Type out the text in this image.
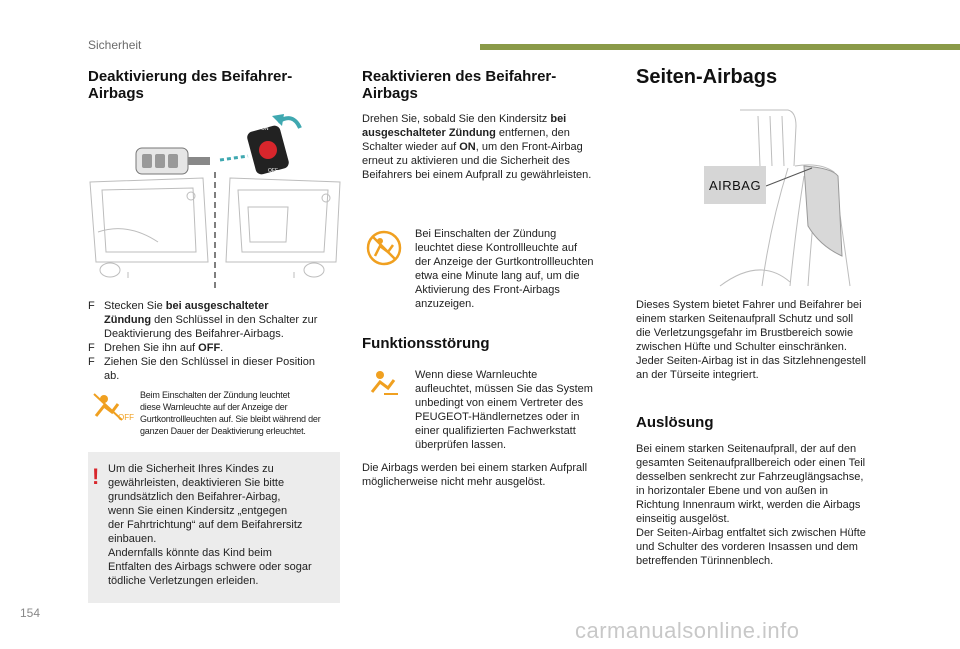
Sicherheit
Deaktivierung des Beifahrer-
Airbags
ON
OFF
F Stecken Sie bei ausgeschalteter
Zündung den Schlüssel in den Schalter zur
Deaktivierung des Beifahrer-Airbags.
F Drehen Sie ihn auf OFF.
F Ziehen Sie den Schlüssel in dieser Position
ab.
OFF
Beim Einschalten der Zündung leuchtet
diese Warnleuchte auf der Anzeige der
Gurtkontrollleuchten auf. Sie bleibt während der
ganzen Dauer der Deaktivierung erleuchtet.
! Um die Sicherheit Ihres Kindes zu
gewährleisten, deaktivieren Sie bitte
grundsätzlich den Beifahrer-Airbag,
wenn Sie einen Kindersitz „entgegen
der Fahrtrichtung“ auf dem Beifahrersitz
einbauen.
Andernfalls könnte das Kind beim
Entfalten des Airbags schwere oder sogar
tödliche Verletzungen erleiden.
Reaktivieren des Beifahrer-
Airbags
Drehen Sie, sobald Sie den Kindersitz bei
ausgeschalteter Zündung entfernen, den
Schalter wieder auf ON, um den Front-Airbag
erneut zu aktivieren und die Sicherheit des
Beifahrers bei einem Aufprall zu gewährleisten.
Bei Einschalten der Zündung
leuchtet diese Kontrollleuchte auf
der Anzeige der Gurtkontrollleuchten
etwa eine Minute lang auf, um die
Aktivierung des Front-Airbags
anzuzeigen.
Funktionsstörung
Wenn diese Warnleuchte
aufleuchtet, müssen Sie das System
unbedingt von einem Vertreter des
PEUGEOT-Händlernetzes oder in
einer qualifizierten Fachwerkstatt
überprüfen lassen.
Die Airbags werden bei einem starken Aufprall
möglicherweise nicht mehr ausgelöst.
Seiten-Airbags
AIRBAG
Dieses System bietet Fahrer und Beifahrer bei
einem starken Seitenaufprall Schutz und soll
die Verletzungsgefahr im Brustbereich sowie
zwischen Hüfte und Schulter einschränken.
Jeder Seiten-Airbag ist in das Sitzlehnengestell
an der Türseite integriert.
Auslösung
Bei einem starken Seitenaufprall, der auf den
gesamten Seitenaufprallbereich oder einen Teil
desselben senkrecht zur Fahrzeuglängsachse,
in horizontaler Ebene und von außen in
Richtung Innenraum wirkt, werden die Airbags
einseitig ausgelöst.
Der Seiten-Airbag entfaltet sich zwischen Hüfte
und Schulter des vorderen Insassen und dem
betreffenden Türinnenblech.
154
carmanualsonline.info
